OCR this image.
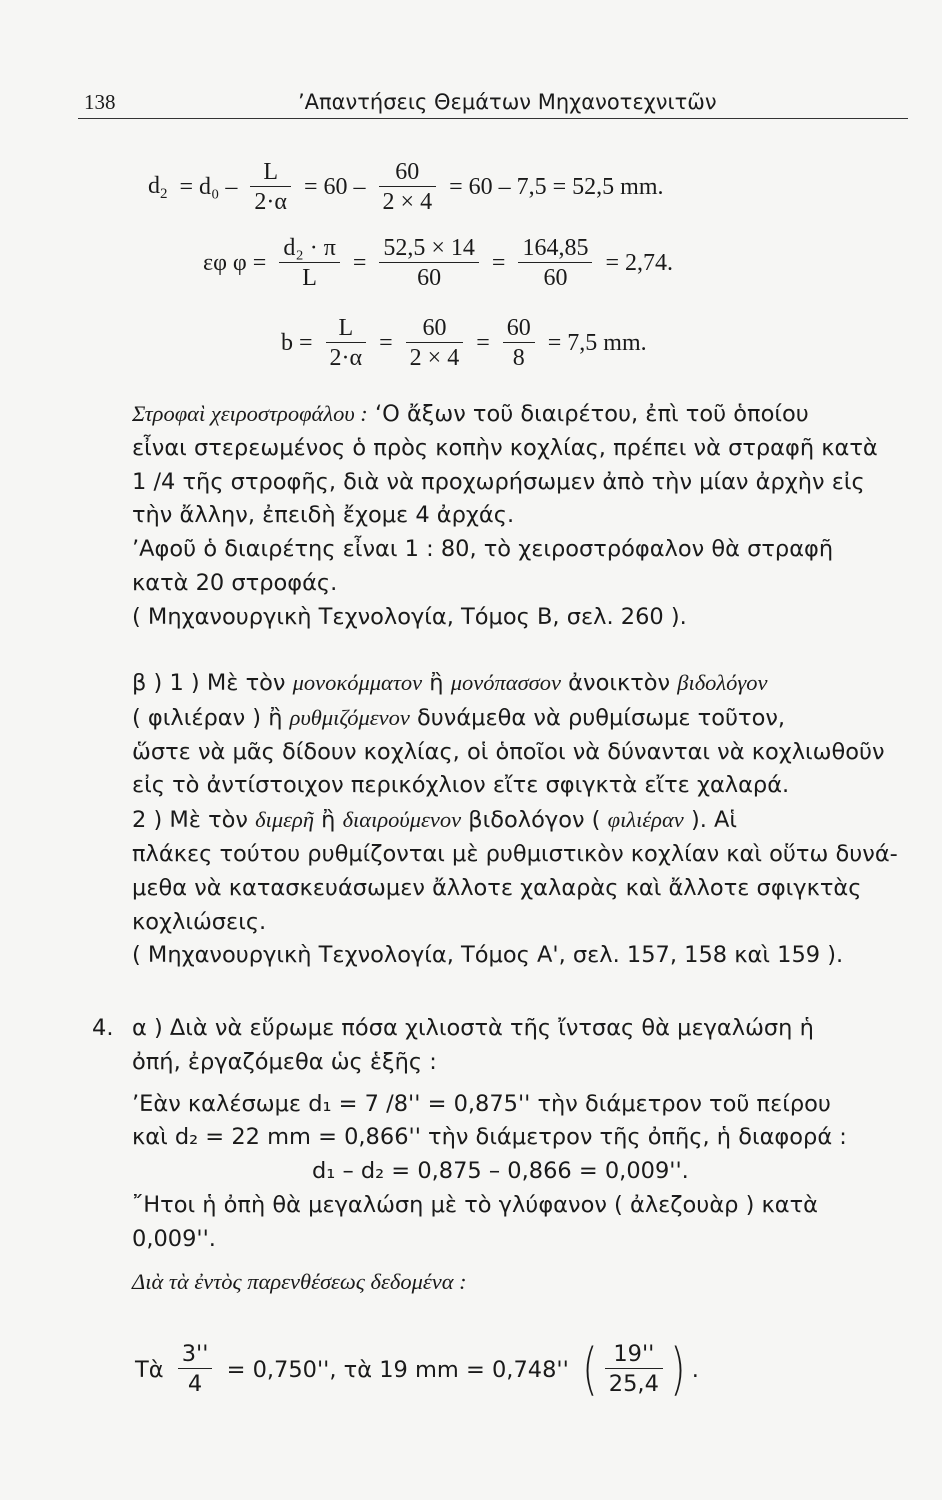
138	’Απαντήσεις Θεμάτων Μηχανοτεχνιτῶν
$d_2 = d_0 - \frac{L}{2\cdot\alpha} = 60 - \frac{60}{2 \times 4} = 60 - 7,5 = 52,5$ mm.
εφ $\varphi = \frac{\text{d₂ · π}}{L} = \frac{52,5 \times 14}{60} = \frac{164,85}{60} = 2,74$.
$b = \frac{L}{2\cdot\alpha} = \frac{60}{2 \times 4} = \frac{60}{8} = 7,5$ mm.
Στροφαὶ χειροστροφάλου : ‘Ο ἄξων τοῦ διαιρέτου, ἐπὶ τοῦ ὁποίου
εἶναι στερεωμένος ὁ πρὸς κοπὴν κοχλίας, πρέπει νὰ στραφῆ κατὰ
1 /4 τῆς στροφῆς, διὰ νὰ προχωρήσωμεν ἀπὸ τὴν μίαν ἀρχὴν εἰς
τὴν ἄλλην, ἐπειδὴ ἔχομε 4 ἀρχάς.
’Αφοῦ ὁ διαιρέτης εἶναι 1 : 80, τὸ χειροστρόφαλον θὰ στραφῆ
κατὰ 20 στροφάς.
( Μηχανουργικὴ Τεχνολογία, Τόμος Β, σελ. 260 ).
β ) 1 ) Μὲ τὸν μονοκόμματον ἢ μονόπασσον ἀνοικτὸν βιδολόγον
( φιλιέραν ) ἢ ρυθμιζόμενον δυνάμεθα νὰ ρυθμίσωμε τοῦτον,
ὥστε νὰ μᾶς δίδουν κοχλίας, οἱ ὁποῖοι νὰ δύνανται νὰ κοχλιωθοῦν
εἰς τὸ ἀντίστοιχον περικόχλιον εἴτε σφιγκτὰ εἴτε χαλαρά.
2 ) Μὲ τὸν διμερῆ ἢ διαιρούμενον βιδολόγον ( φιλιέραν ). Αἱ
πλάκες τούτου ρυθμίζονται μὲ ρυθμιστικὸν κοχλίαν καὶ οὕτω δυνά-
μεθα νὰ κατασκευάσωμεν ἄλλοτε χαλαρὰς καὶ ἄλλοτε σφιγκτὰς
κοχλιώσεις.
( Μηχανουργικὴ Τεχνολογία, Τόμος Α', σελ. 157, 158 καὶ 159 ).
4. α ) Διὰ νὰ εὕρωμε πόσα χιλιοστὰ τῆς ἴντσας θὰ μεγαλώση ἡ
ὀπή, ἐργαζόμεθα ὡς ἑξῆς :
’Εὰν καλέσωμε d₁ = 7 /8'' = 0,875'' τὴν διάμετρον τοῦ πείρου
καὶ d₂ = 22 mm = 0,866'' τὴν διάμετρον τῆς ὀπῆς, ἡ διαφορά :
d₁ – d₂ = 0,875 – 0,866 = 0,009''.
῎Ητοι ἡ ὀπὴ θὰ μεγαλώση μὲ τὸ γλύφανον ( ἀλεζουὰρ ) κατὰ
0,009''.
Διὰ τὰ ἐντὸς παρενθέσεως δεδομένα :
Τὰ $\frac{3''}{4} = 0,750''$, τὰ 19 mm = 0,748'' ( $\frac{19''}{25,4}$ ) .
